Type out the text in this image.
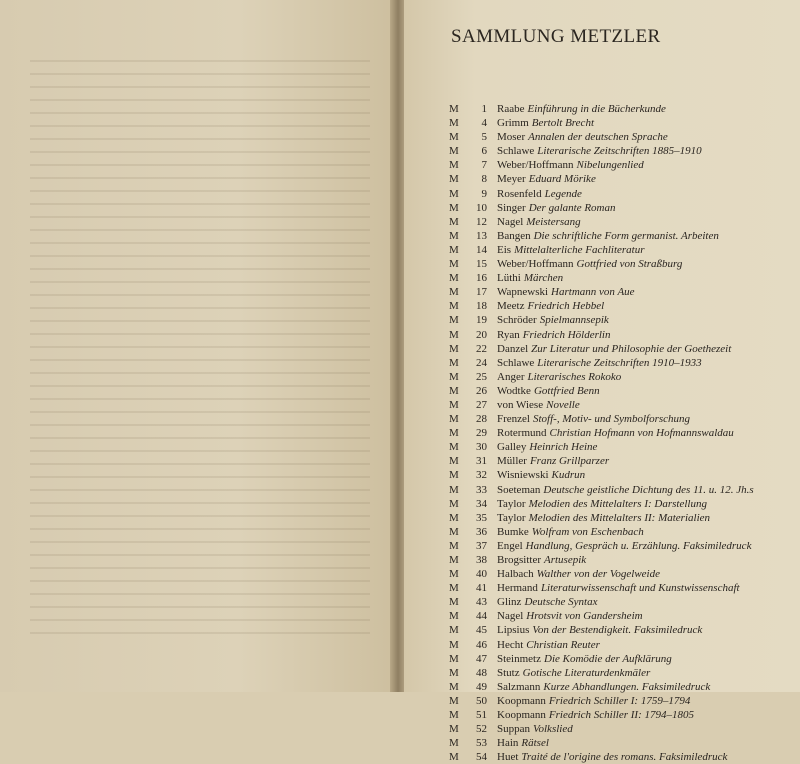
SAMMLUNG METZLER
M	1 Raabe Einführung in die Bücherkunde
M	4 Grimm Bertolt Brecht
M	5 Moser Annalen der deutschen Sprache
M	6 Schlawe Literarische Zeitschriften 1885–1910
M	7 Weber/Hoffmann Nibelungenlied
M	8 Meyer Eduard Mörike
M	9 Rosenfeld Legende
M	10 Singer Der galante Roman
M	12 Nagel Meistersang
M	13 Bangen Die schriftliche Form germanist. Arbeiten
M	14 Eis Mittelalterliche Fachliteratur
M	15 Weber/Hoffmann Gottfried von Straßburg
M	16 Lüthi Märchen
M	17 Wapnewski Hartmann von Aue
M	18 Meetz Friedrich Hebbel
M	19 Schröder Spielmannsepik
M	20 Ryan Friedrich Hölderlin
M	22 Danzel Zur Literatur und Philosophie der Goethezeit
M	24 Schlawe Literarische Zeitschriften 1910–1933
M	25 Anger Literarisches Rokoko
M	26 Wodtke Gottfried Benn
M	27 von Wiese Novelle
M	28 Frenzel Stoff-, Motiv- und Symbolforschung
M	29 Rotermund Christian Hofmann von Hofmannswaldau
M	30 Galley Heinrich Heine
M	31 Müller Franz Grillparzer
M	32 Wisniewski Kudrun
M	33 Soeteman Deutsche geistliche Dichtung des 11. u. 12. Jh.s
M	34 Taylor Melodien des Mittelalters I: Darstellung
M	35 Taylor Melodien des Mittelalters II: Materialien
M	36 Bumke Wolfram von Eschenbach
M	37 Engel Handlung, Gespräch u. Erzählung. Faksimiledruck
M	38 Brogsitter Artusepik
M	40 Halbach Walther von der Vogelweide
M	41 Hermand Literaturwissenschaft und Kunstwissenschaft
M	43 Glinz Deutsche Syntax
M	44 Nagel Hrotsvit von Gandersheim
M	45 Lipsius Von der Bestendigkeit. Faksimiledruck
M	46 Hecht Christian Reuter
M	47 Steinmetz Die Komödie der Aufklärung
M	48 Stutz Gotische Literaturdenkmäler
M	49 Salzmann Kurze Abhandlungen. Faksimiledruck
M	50 Koopmann Friedrich Schiller I: 1759–1794
M	51 Koopmann Friedrich Schiller II: 1794–1805
M	52 Suppan Volkslied
M	53 Hain Rätsel
M	54 Huet Traité de l'origine des romans. Faksimiledruck
